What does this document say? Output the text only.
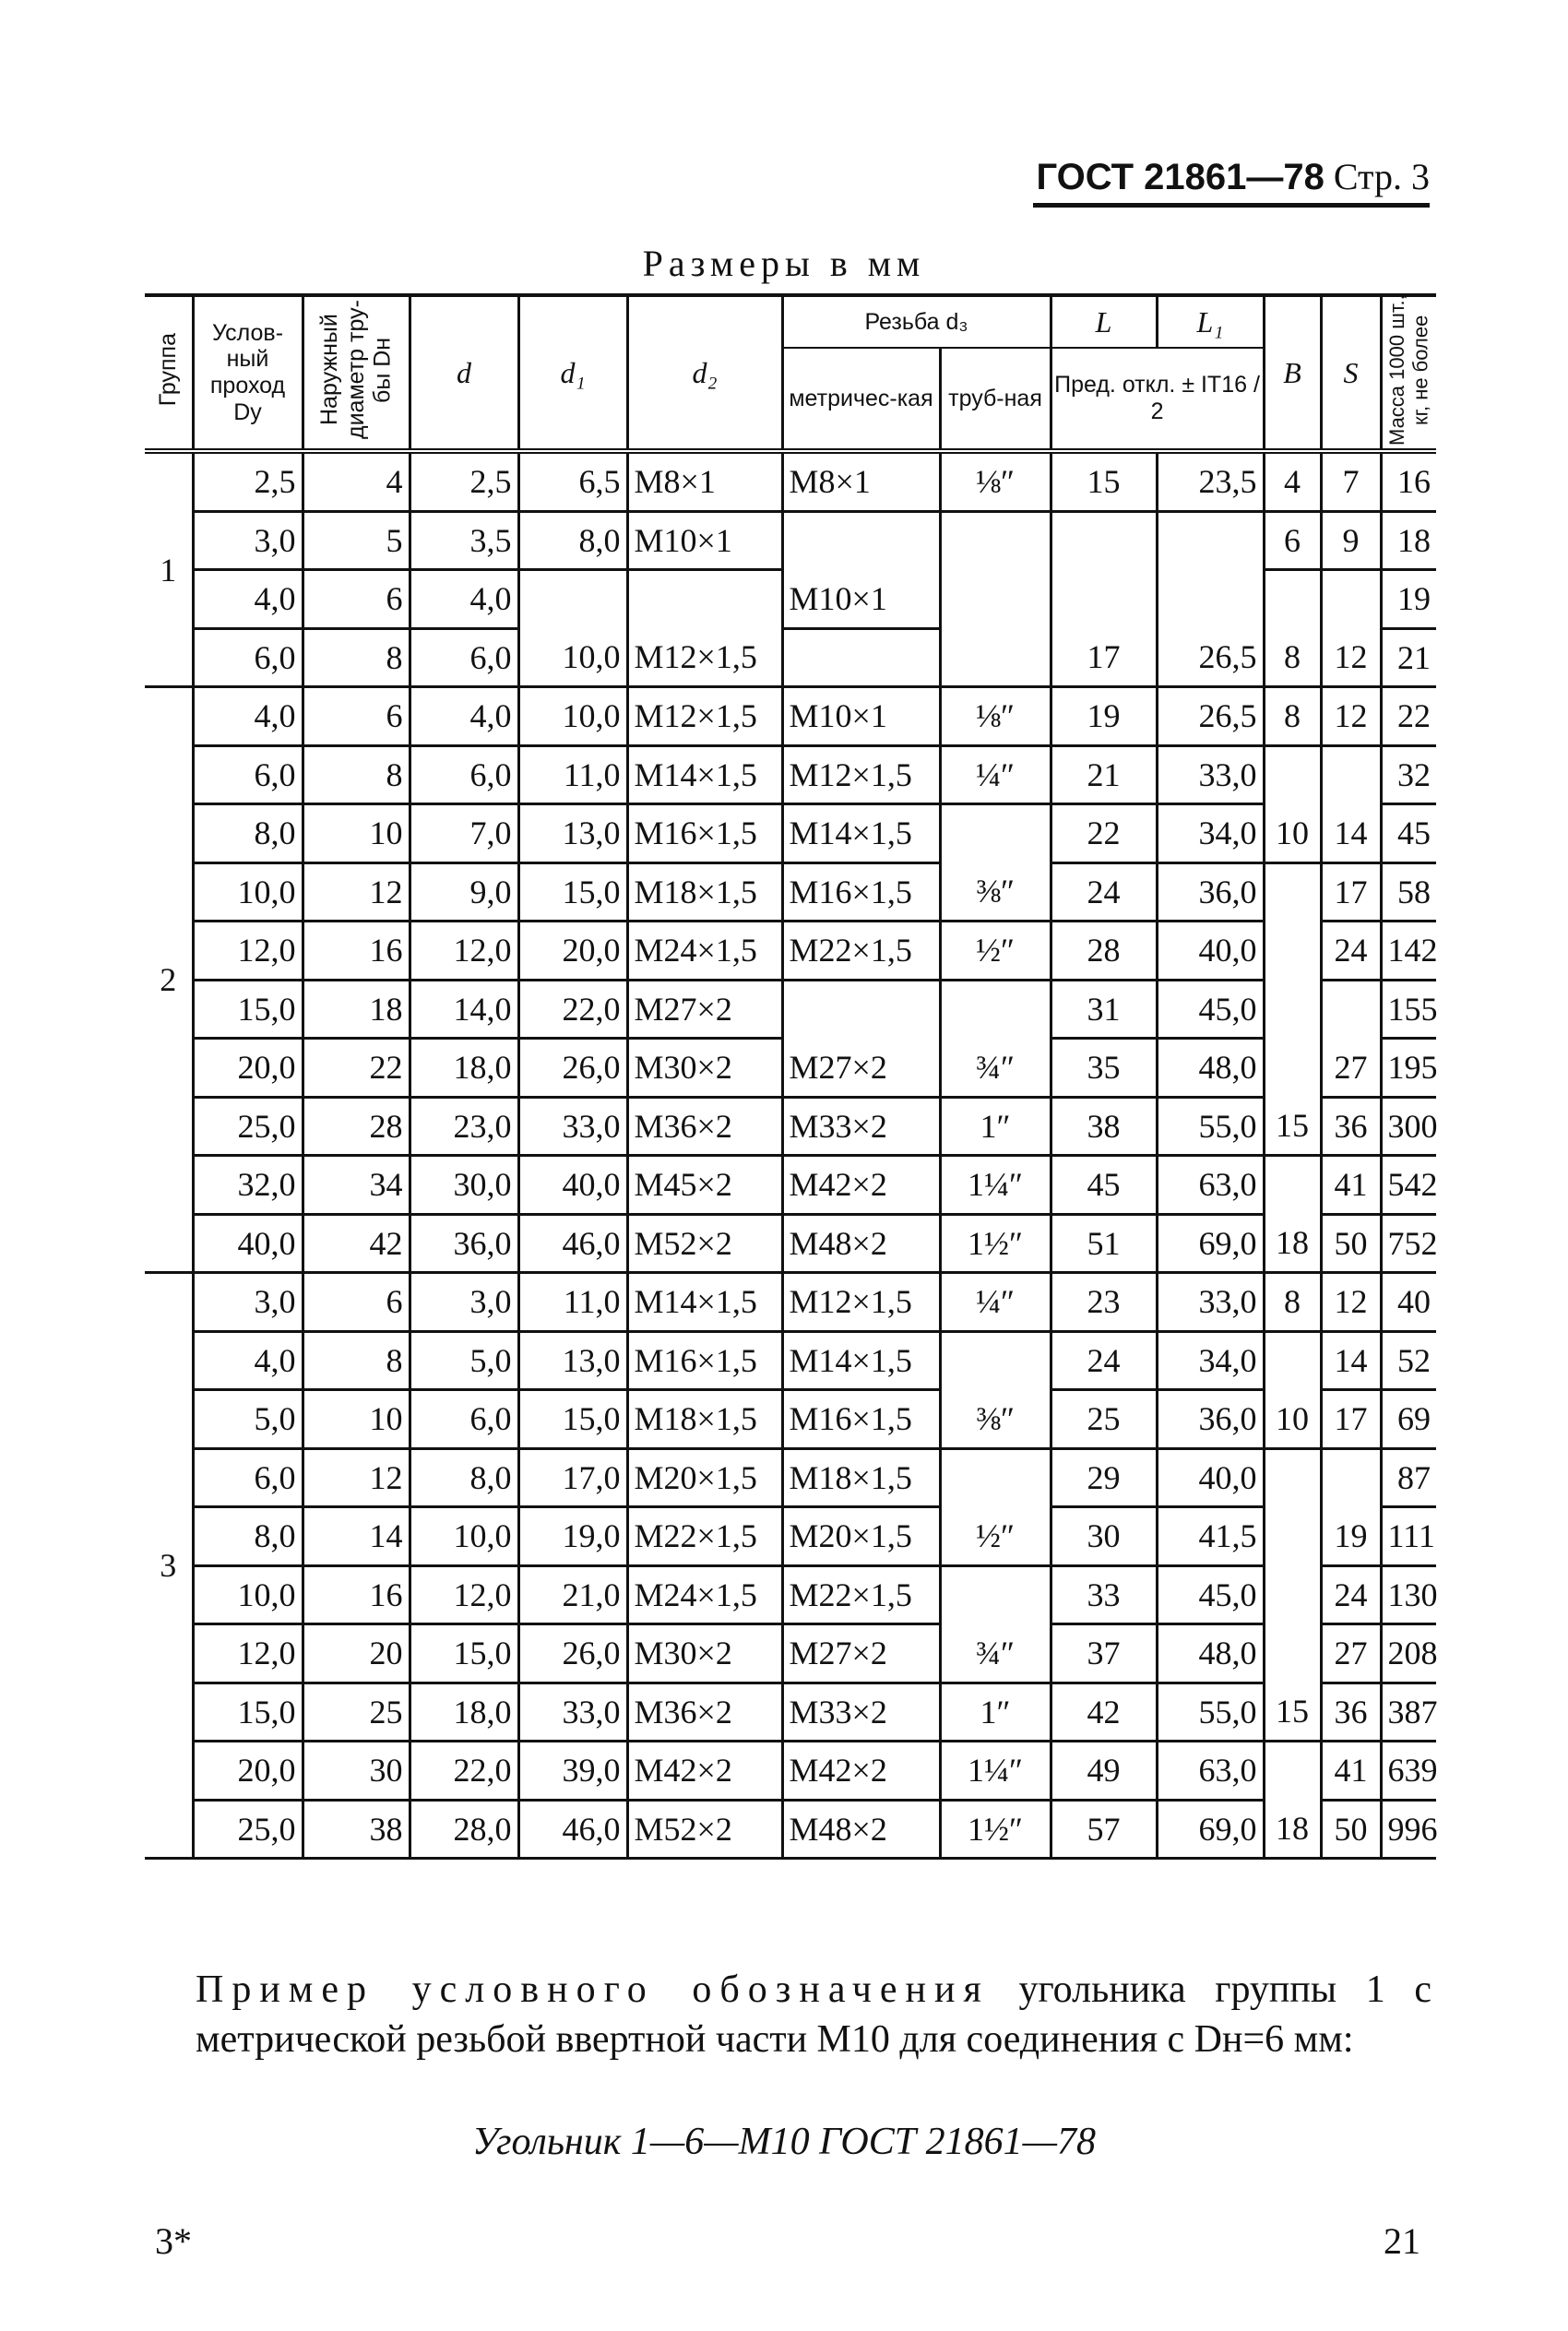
ГОСТ 21861—78 Стр. 3
Размеры в мм
Группа	Услов-ный проход Dу	Наружный диаметр тру-бы Dн	d	d₁	d₂	Резьба d₃		L	L₁	B	S	Масса 1000 шт., кг, не более
						метричес-кая	труб-ная	Пред. откл. ± IT16 / 2				
1	2,5	4	2,5	6,5	M8×1	M8×1	⅛″	15	23,5	4	7	16
	3,0	5	3,5	8,0	M10×1					6	9	18
	4,0	6	4,0			M10×1						19
	6,0	8	6,0	10,0	M12×1,5			17	26,5	8	12	21
2	4,0	6	4,0	10,0	M12×1,5	M10×1	⅛″	19	26,5	8	12	22
	6,0	8	6,0	11,0	M14×1,5	M12×1,5	¼″	21	33,0			32
	8,0	10	7,0	13,0	M16×1,5	M14×1,5		22	34,0	10	14	45
	10,0	12	9,0	15,0	M18×1,5	M16×1,5	⅜″	24	36,0		17	58
	12,0	16	12,0	20,0	M24×1,5	M22×1,5	½″	28	40,0		24	142
	15,0	18	14,0	22,0	M27×2			31	45,0			155
	20,0	22	18,0	26,0	M30×2	M27×2	¾″	35	48,0		27	195
	25,0	28	23,0	33,0	M36×2	M33×2	1″	38	55,0	15	36	300
	32,0	34	30,0	40,0	M45×2	M42×2	1¼″	45	63,0		41	542
	40,0	42	36,0	46,0	M52×2	M48×2	1½″	51	69,0	18	50	752
3	3,0	6	3,0	11,0	M14×1,5	M12×1,5	¼″	23	33,0	8	12	40
	4,0	8	5,0	13,0	M16×1,5	M14×1,5		24	34,0		14	52
	5,0	10	6,0	15,0	M18×1,5	M16×1,5	⅜″	25	36,0	10	17	69
	6,0	12	8,0	17,0	M20×1,5	M18×1,5		29	40,0			87
	8,0	14	10,0	19,0	M22×1,5	M20×1,5	½″	30	41,5		19	111
	10,0	16	12,0	21,0	M24×1,5	M22×1,5		33	45,0		24	130
	12,0	20	15,0	26,0	M30×2	M27×2	¾″	37	48,0		27	208
	15,0	25	18,0	33,0	M36×2	M33×2	1″	42	55,0	15	36	387
	20,0	30	22,0	39,0	M42×2	M42×2	1¼″	49	63,0		41	639
	25,0	38	28,0	46,0	M52×2	M48×2	1½″	57	69,0	18	50	996
Пример условного обозначения угольника группы 1 с метрической резьбой ввертной части М10 для соединения с Dн=6 мм:
Угольник 1—6—М10 ГОСТ 21861—78
3*	21
